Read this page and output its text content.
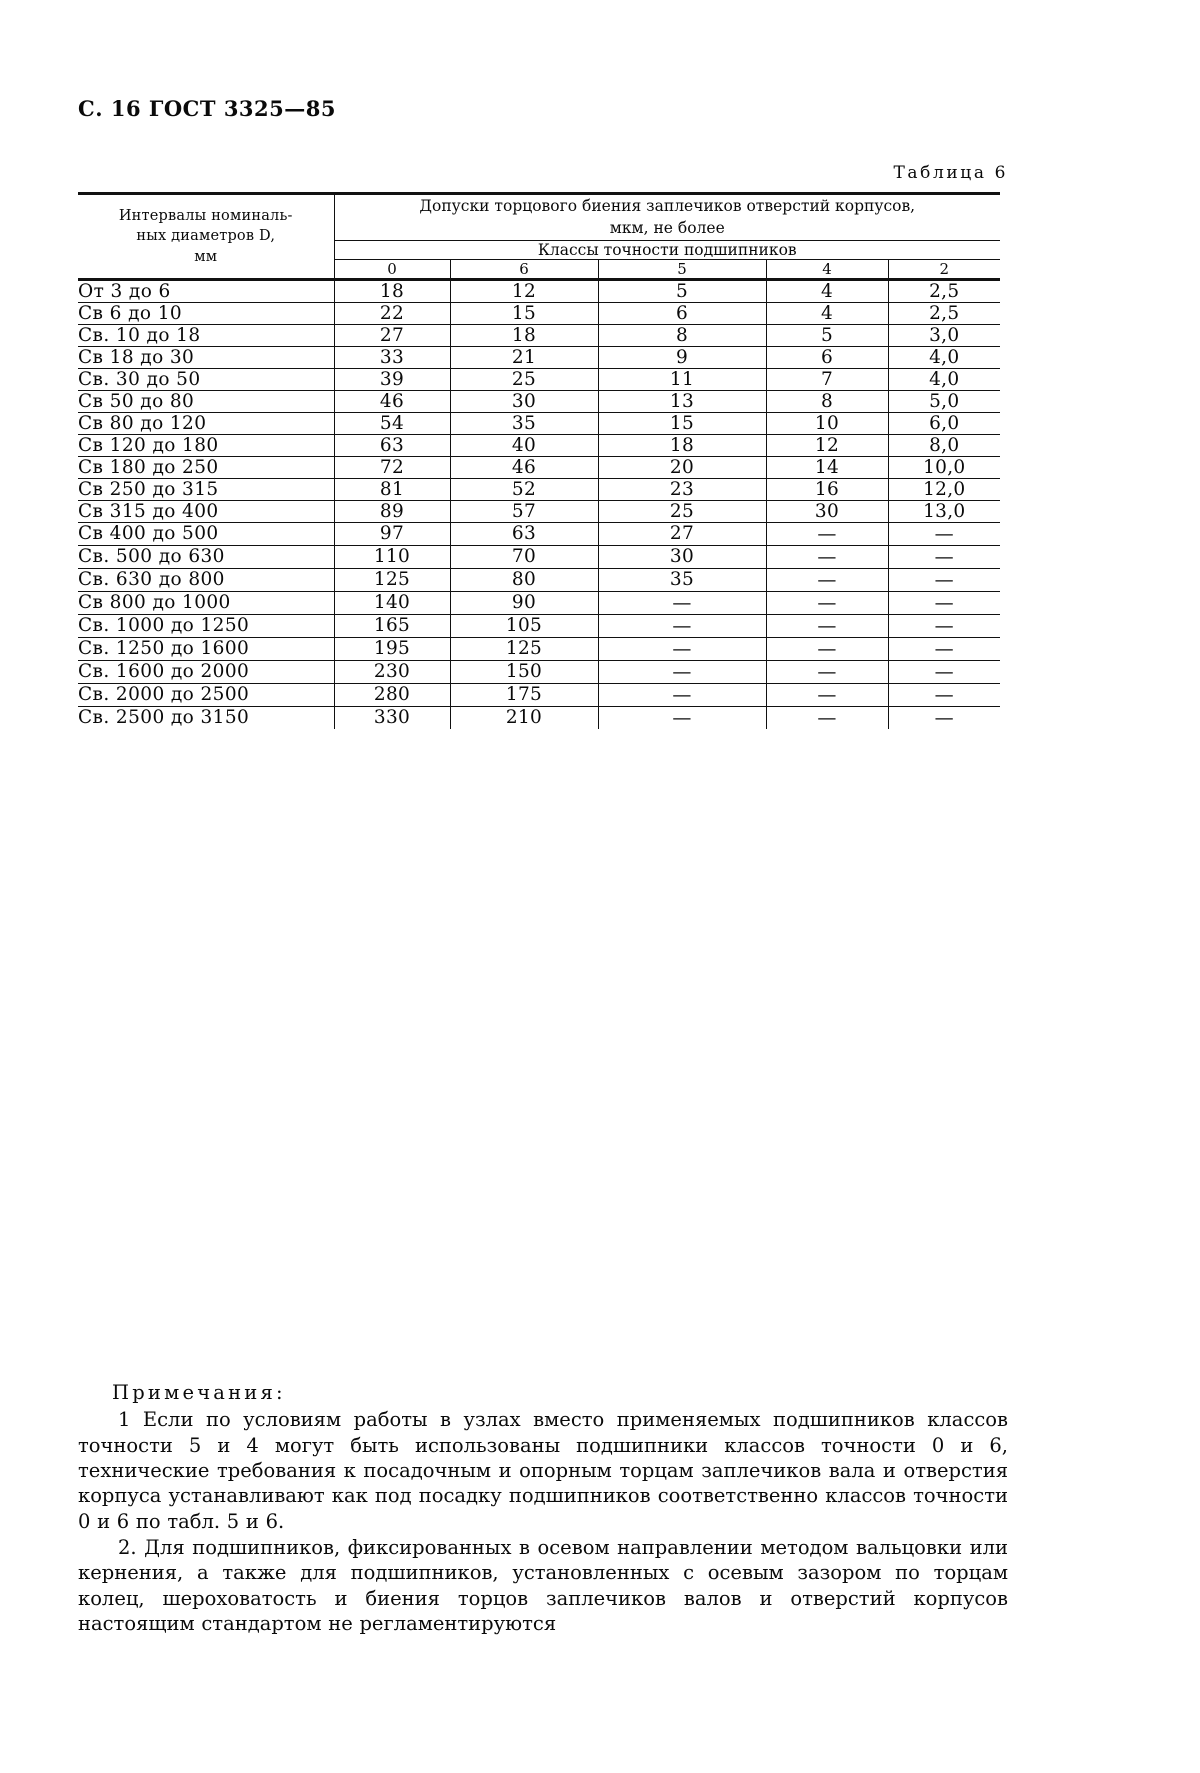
С. 16 ГОСТ 3325—85
Таблица 6
Интервалы номиналь-
ных диаметров D,
мм

Допуски торцового биения заплечиков отверстий корпусов,
мкм, не более

	Классы точности подшипников				
	0	6	5	4	2
От 3 до 6	18	12	5	4	2,5
Св 6 до 10	22	15	6	4	2,5
Св. 10 до 18	27	18	8	5	3,0
Св 18 до 30	33	21	9	6	4,0
Св. 30 до 50	39	25	11	7	4,0
Св 50 до 80	46	30	13	8	5,0
Св 80 до 120	54	35	15	10	6,0
Св 120 до 180	63	40	18	12	8,0
Св 180 до 250	72	46	20	14	10,0
Св 250 до 315	81	52	23	16	12,0
Св 315 до 400	89	57	25	30	13,0
Св 400 до 500	97	63	27	—	—
Св. 500 до 630	110	70	30	—	—
Св. 630 до 800	125	80	35	—	—
Св 800 до 1000	140	90	—	—	—
Св. 1000 до 1250	165	105	—	—	—
Св. 1250 до 1600	195	125	—	—	—
Св. 1600 до 2000	230	150	—	—	—
Св. 2000 до 2500	280	175	—	—	—
Св. 2500 до 3150	330	210	—	—	—
Примечания:

1 Если по условиям работы в узлах вместо применяемых подшипников классов точности 5 и 4 могут быть использованы подшипники классов точности 0 и 6, технические требования к посадочным и опорным торцам заплечиков вала и отверстия корпуса устанавливают как под посадку подшипников соответственно классов точности 0 и 6 по табл. 5 и 6.

2. Для подшипников, фиксированных в осевом направлении методом вальцовки или кернения, а также для подшипников, установленных с осевым зазором по торцам колец, шероховатость и биения торцов заплечиков валов и отверстий корпусов настоящим стандартом не регламентируются
